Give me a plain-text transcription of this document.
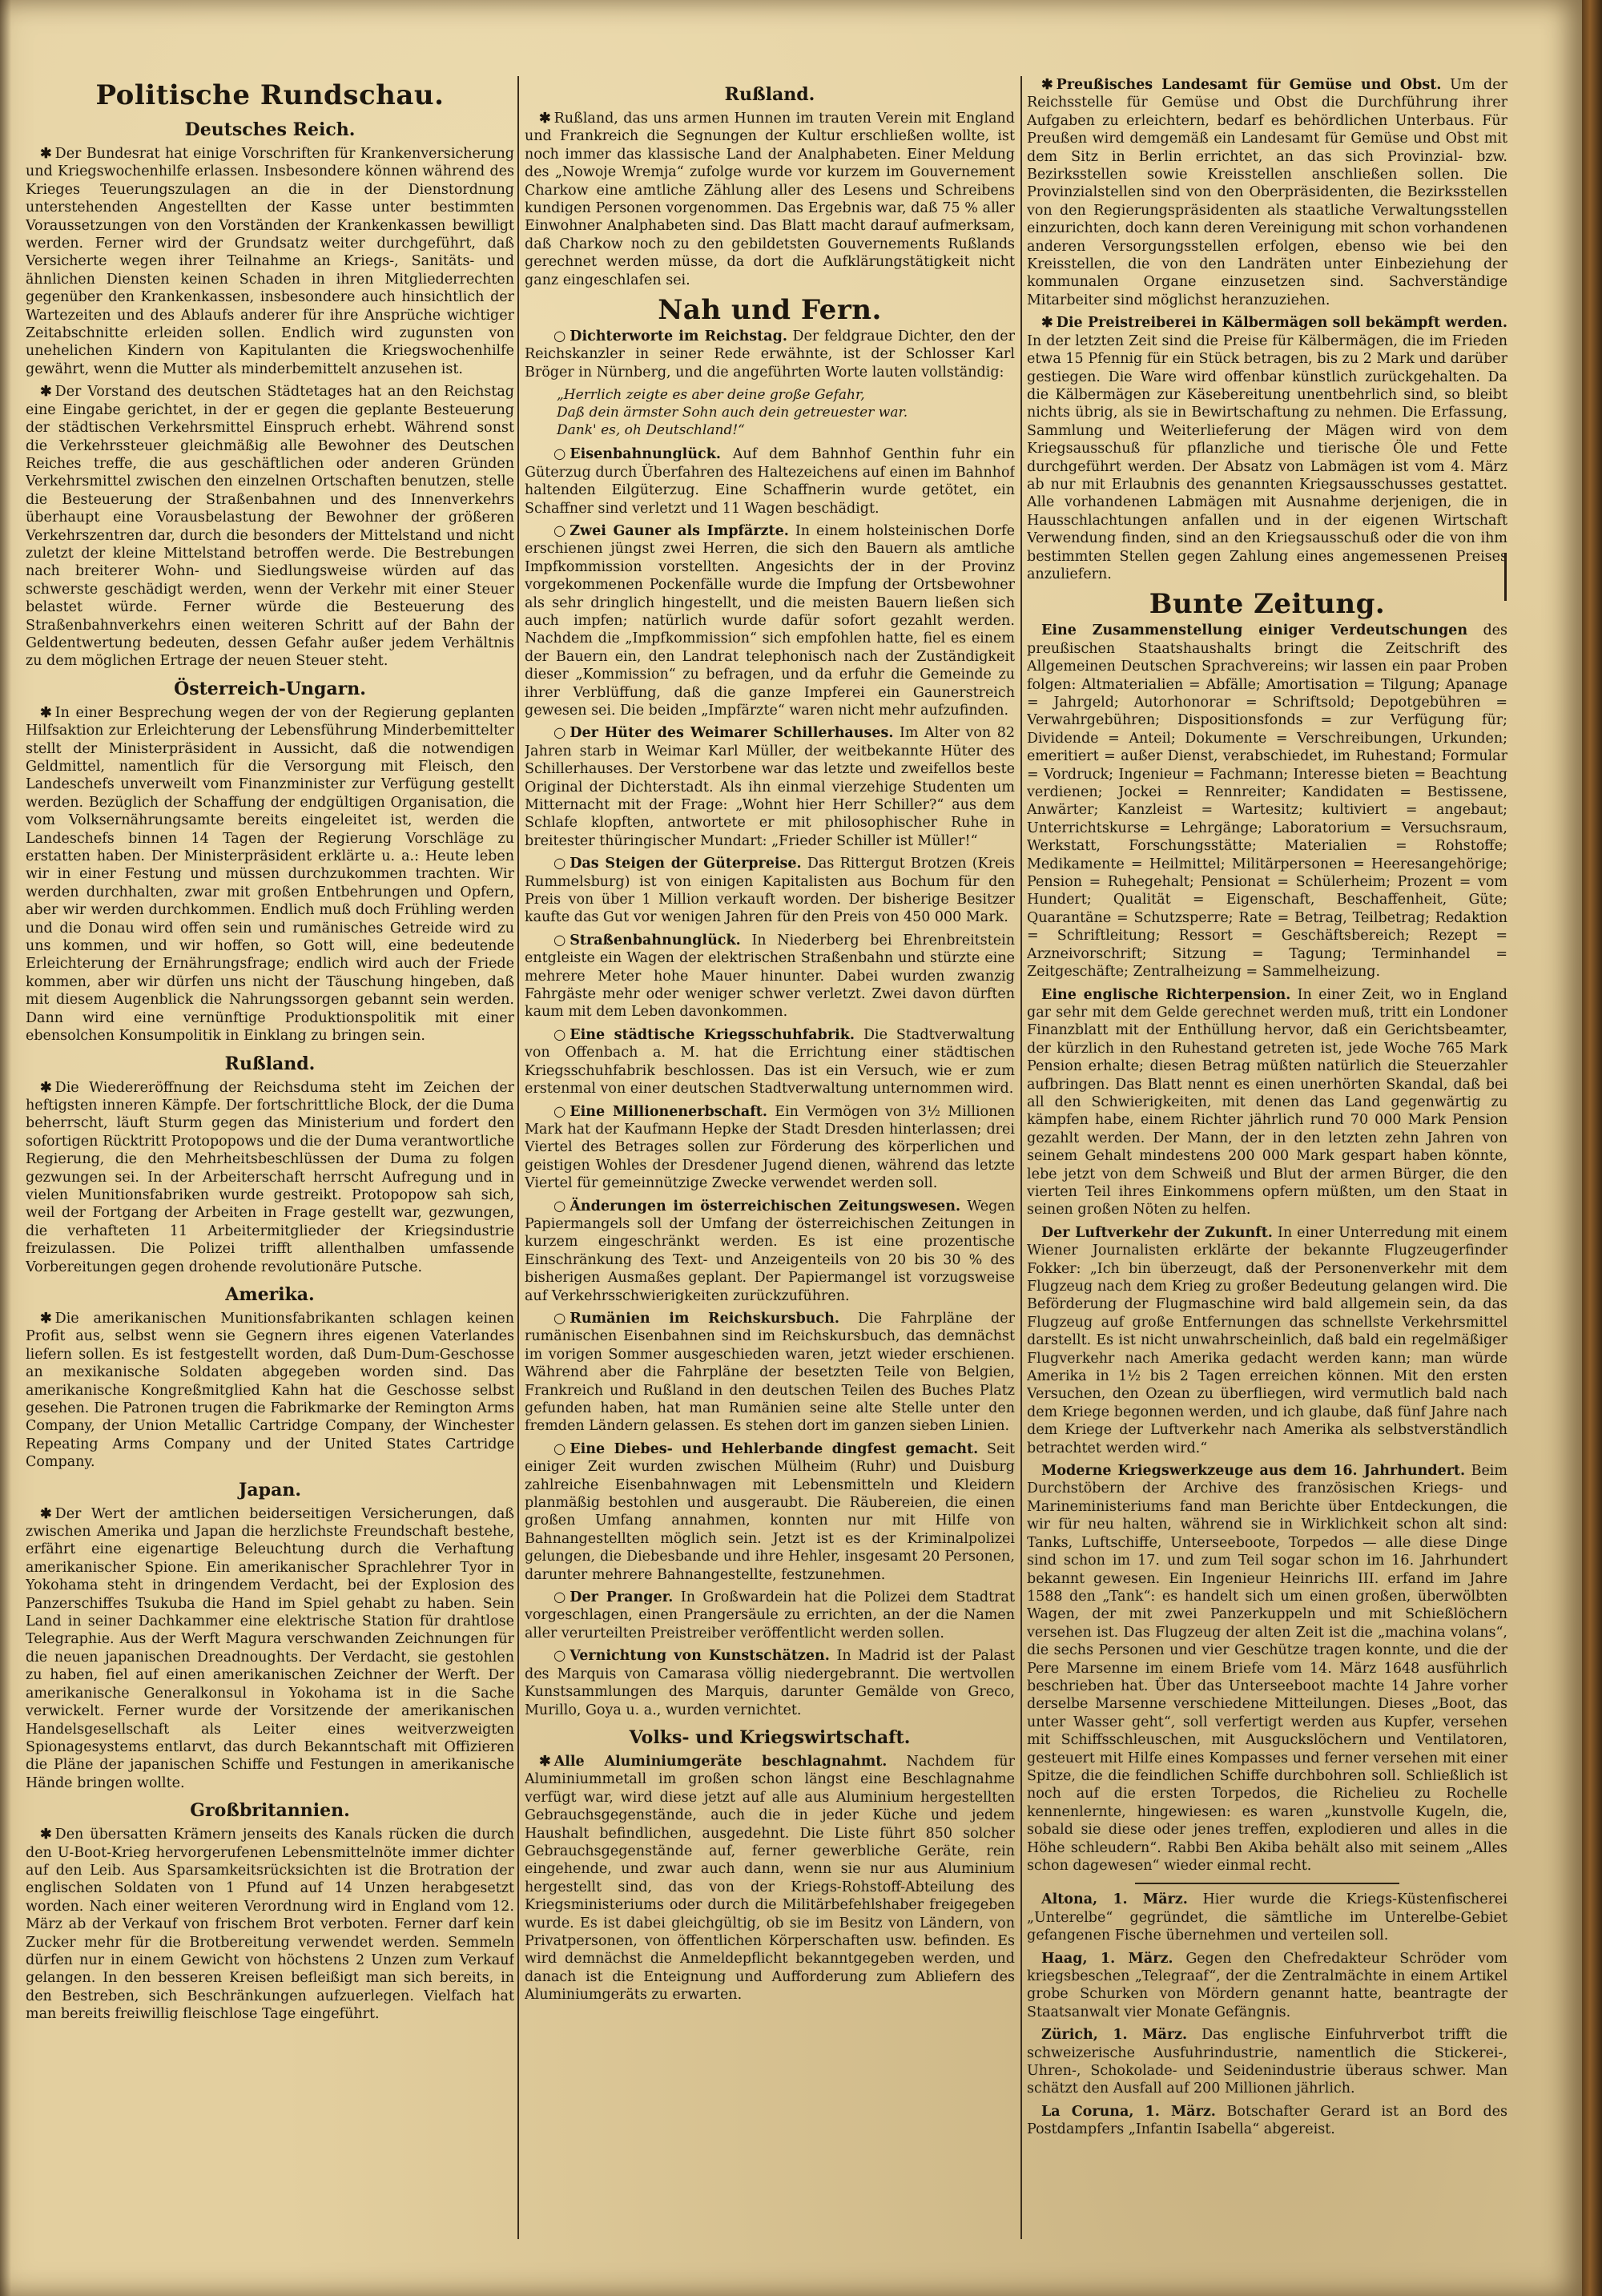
Politische Rundschau.
Deutsches Reich.

✱ Der Bundesrat hat einige Vorschriften für Krankenversicherung und Kriegswochenhilfe erlassen. Insbesondere können während des Krieges Teuerungszulagen an die in der Dienstordnung unterstehenden Angestellten der Kasse unter bestimmten Voraussetzungen von den Vorständen der Krankenkassen bewilligt werden. Ferner wird der Grundsatz weiter durchgeführt, daß Versicherte wegen ihrer Teilnahme an Kriegs-, Sanitäts- und ähnlichen Diensten keinen Schaden in ihren Mitgliederrechten gegenüber den Krankenkassen, insbesondere auch hinsichtlich der Wartezeiten und des Ablaufs anderer für ihre Ansprüche wichtiger Zeitabschnitte erleiden sollen. Endlich wird zugunsten von unehelichen Kindern von Kapitulanten die Kriegswochenhilfe gewährt, wenn die Mutter als minderbemittelt anzusehen ist.

✱ Der Vorstand des deutschen Städtetages hat an den Reichstag eine Eingabe gerichtet, in der er gegen die geplante Besteuerung der städtischen Verkehrsmittel Einspruch erhebt. Während sonst die Verkehrssteuer gleichmäßig alle Bewohner des Deutschen Reiches treffe, die aus geschäftlichen oder anderen Gründen Verkehrsmittel zwischen den einzelnen Ortschaften benutzen, stelle die Besteuerung der Straßenbahnen und des Innenverkehrs überhaupt eine Vorausbelastung der Bewohner der größeren Verkehrszentren dar, durch die besonders der Mittelstand und nicht zuletzt der kleine Mittelstand betroffen werde. Die Bestrebungen nach breiterer Wohn- und Siedlungsweise würden auf das schwerste geschädigt werden, wenn der Verkehr mit einer Steuer belastet würde. Ferner würde die Besteuerung des Straßenbahnverkehrs einen weiteren Schritt auf der Bahn der Geldentwertung bedeuten, dessen Gefahr außer jedem Verhältnis zu dem möglichen Ertrage der neuen Steuer steht.

Österreich-Ungarn.

✱ In einer Besprechung wegen der von der Regierung geplanten Hilfsaktion zur Erleichterung der Lebensführung Minderbemittelter stellt der Ministerpräsident in Aussicht, daß die notwendigen Geldmittel, namentlich für die Versorgung mit Fleisch, den Landeschefs unverweilt vom Finanzminister zur Verfügung gestellt werden. Bezüglich der Schaffung der endgültigen Organisation, die vom Volksernährungsamte bereits eingeleitet ist, werden die Landeschefs binnen 14 Tagen der Regierung Vorschläge zu erstatten haben. Der Ministerpräsident erklärte u. a.: Heute leben wir in einer Festung und müssen durchzukommen trachten. Wir werden durchhalten, zwar mit großen Entbehrungen und Opfern, aber wir werden durchkommen. Endlich muß doch Frühling werden und die Donau wird offen sein und rumänisches Getreide wird zu uns kommen, und wir hoffen, so Gott will, eine bedeutende Erleichterung der Ernährungsfrage; endlich wird auch der Friede kommen, aber wir dürfen uns nicht der Täuschung hingeben, daß mit diesem Augenblick die Nahrungssorgen gebannt sein werden. Dann wird eine vernünftige Produktionspolitik mit einer ebensolchen Konsumpolitik in Einklang zu bringen sein.

Rußland.

✱ Die Wiedereröffnung der Reichsduma steht im Zeichen der heftigsten inneren Kämpfe. Der fortschrittliche Block, der die Duma beherrscht, läuft Sturm gegen das Ministerium und fordert den sofortigen Rücktritt Protopopows und die der Duma verantwortliche Regierung, die den Mehrheitsbeschlüssen der Duma zu folgen gezwungen sei. In der Arbeiterschaft herrscht Aufregung und in vielen Munitionsfabriken wurde gestreikt. Protopopow sah sich, weil der Fortgang der Arbeiten in Frage gestellt war, gezwungen, die verhafteten 11 Arbeitermitglieder der Kriegsindustrie freizulassen. Die Polizei trifft allenthalben umfassende Vorbereitungen gegen drohende revolutionäre Putsche.

Amerika.

✱ Die amerikanischen Munitionsfabrikanten schlagen keinen Profit aus, selbst wenn sie Gegnern ihres eigenen Vaterlandes liefern sollen. Es ist festgestellt worden, daß Dum-Dum-Geschosse an mexikanische Soldaten abgegeben worden sind. Das amerikanische Kongreßmitglied Kahn hat die Geschosse selbst gesehen. Die Patronen trugen die Fabrikmarke der Remington Arms Company, der Union Metallic Cartridge Company, der Winchester Repeating Arms Company und der United States Cartridge Company.

Japan.

✱ Der Wert der amtlichen beiderseitigen Versicherungen, daß zwischen Amerika und Japan die herzlichste Freundschaft bestehe, erfährt eine eigenartige Beleuchtung durch die Verhaftung amerikanischer Spione. Ein amerikanischer Sprachlehrer Tyor in Yokohama steht in dringendem Verdacht, bei der Explosion des Panzerschiffes Tsukuba die Hand im Spiel gehabt zu haben. Sein Land in seiner Dachkammer eine elektrische Station für drahtlose Telegraphie. Aus der Werft Magura verschwanden Zeichnungen für die neuen japanischen Dreadnoughts. Der Verdacht, sie gestohlen zu haben, fiel auf einen amerikanischen Zeichner der Werft. Der amerikanische Generalkonsul in Yokohama ist in die Sache verwickelt. Ferner wurde der Vorsitzende der amerikanischen Handelsgesellschaft als Leiter eines weitverzweigten Spionagesystems entlarvt, das durch Bekanntschaft mit Offizieren die Pläne der japanischen Schiffe und Festungen in amerikanische Hände bringen wollte.

Großbritannien.

✱ Den übersatten Krämern jenseits des Kanals rücken die durch den U-Boot-Krieg hervorgerufenen Lebensmittelnöte immer dichter auf den Leib. Aus Sparsamkeitsrücksichten ist die Brotration der englischen Soldaten von 1 Pfund auf 14 Unzen herabgesetzt worden. Nach einer weiteren Verordnung wird in England vom 12. März ab der Verkauf von frischem Brot verboten. Ferner darf kein Zucker mehr für die Brotbereitung verwendet werden. Semmeln dürfen nur in einem Gewicht von höchstens 2 Unzen zum Verkauf gelangen. In den besseren Kreisen befleißigt man sich bereits, in den Bestreben, sich Beschränkungen aufzuerlegen. Vielfach hat man bereits freiwillig fleischlose Tage eingeführt.

Rußland.

✱ Rußland, das uns armen Hunnen im trauten Verein mit England und Frankreich die Segnungen der Kultur erschließen wollte, ist noch immer das klassische Land der Analphabeten. Einer Meldung des „Nowoje Wremja“ zufolge wurde vor kurzem im Gouvernement Charkow eine amtliche Zählung aller des Lesens und Schreibens kundigen Personen vorgenommen. Das Ergebnis war, daß 75 % aller Einwohner Analphabeten sind. Das Blatt macht darauf aufmerksam, daß Charkow noch zu den gebildetsten Gouvernements Rußlands gerechnet werden müsse, da dort die Aufklärungstätigkeit nicht ganz eingeschlafen sei.

Nah und Fern.

○ Dichterworte im Reichstag. Der feldgraue Dichter, den der Reichskanzler in seiner Rede erwähnte, ist der Schlosser Karl Bröger in Nürnberg, und die angeführten Worte lauten vollständig:

„Herrlich zeigte es aber deine große Gefahr,
Daß dein ärmster Sohn auch dein getreuester war.
Dank' es, oh Deutschland!“

○ Eisenbahnunglück. Auf dem Bahnhof Genthin fuhr ein Güterzug durch Überfahren des Haltezeichens auf einen im Bahnhof haltenden Eilgüterzug. Eine Schaffnerin wurde getötet, ein Schaffner sind verletzt und 11 Wagen beschädigt.

○ Zwei Gauner als Impfärzte. In einem holsteinischen Dorfe erschienen jüngst zwei Herren, die sich den Bauern als amtliche Impfkommission vorstellten. Angesichts der in der Provinz vorgekommenen Pockenfälle wurde die Impfung der Ortsbewohner als sehr dringlich hingestellt, und die meisten Bauern ließen sich auch impfen; natürlich wurde dafür sofort gezahlt werden. Nachdem die „Impfkommission“ sich empfohlen hatte, fiel es einem der Bauern ein, den Landrat telephonisch nach der Zuständigkeit dieser „Kommission“ zu befragen, und da erfuhr die Gemeinde zu ihrer Verblüffung, daß die ganze Impferei ein Gaunerstreich gewesen sei. Die beiden „Impfärzte“ waren nicht mehr aufzufinden.

○ Der Hüter des Weimarer Schillerhauses. Im Alter von 82 Jahren starb in Weimar Karl Müller, der weitbekannte Hüter des Schillerhauses. Der Verstorbene war das letzte und zweifellos beste Original der Dichterstadt. Als ihn einmal vierzehige Studenten um Mitternacht mit der Frage: „Wohnt hier Herr Schiller?“ aus dem Schlafe klopften, antwortete er mit philosophischer Ruhe in breitester thüringischer Mundart: „Frieder Schiller ist Müller!“

○ Das Steigen der Güterpreise. Das Rittergut Brotzen (Kreis Rummelsburg) ist von einigen Kapitalisten aus Bochum für den Preis von über 1 Million verkauft worden. Der bisherige Besitzer kaufte das Gut vor wenigen Jahren für den Preis von 450 000 Mark.

○ Straßenbahnunglück. In Niederberg bei Ehrenbreitstein entgleiste ein Wagen der elektrischen Straßenbahn und stürzte eine mehrere Meter hohe Mauer hinunter. Dabei wurden zwanzig Fahrgäste mehr oder weniger schwer verletzt. Zwei davon dürften kaum mit dem Leben davonkommen.

○ Eine städtische Kriegsschuhfabrik. Die Stadtverwaltung von Offenbach a. M. hat die Errichtung einer städtischen Kriegsschuhfabrik beschlossen. Das ist ein Versuch, wie er zum erstenmal von einer deutschen Stadtverwaltung unternommen wird.

○ Eine Millionenerbschaft. Ein Vermögen von 3½ Millionen Mark hat der Kaufmann Hepke der Stadt Dresden hinterlassen; drei Viertel des Betrages sollen zur Förderung des körperlichen und geistigen Wohles der Dresdener Jugend dienen, während das letzte Viertel für gemeinnützige Zwecke verwendet werden soll.

○ Änderungen im österreichischen Zeitungswesen. Wegen Papiermangels soll der Umfang der österreichischen Zeitungen in kurzem eingeschränkt werden. Es ist eine prozentische Einschränkung des Text- und Anzeigenteils von 20 bis 30 % des bisherigen Ausmaßes geplant. Der Papiermangel ist vorzugsweise auf Verkehrsschwierigkeiten zurückzuführen.

○ Rumänien im Reichskursbuch. Die Fahrpläne der rumänischen Eisenbahnen sind im Reichskursbuch, das demnächst im vorigen Sommer ausgeschieden waren, jetzt wieder erschienen. Während aber die Fahrpläne der besetzten Teile von Belgien, Frankreich und Rußland in den deutschen Teilen des Buches Platz gefunden haben, hat man Rumänien seine alte Stelle unter den fremden Ländern gelassen. Es stehen dort im ganzen sieben Linien.

○ Eine Diebes- und Hehlerbande dingfest gemacht. Seit einiger Zeit wurden zwischen Mülheim (Ruhr) und Duisburg zahlreiche Eisenbahnwagen mit Lebensmitteln und Kleidern planmäßig bestohlen und ausgeraubt. Die Räubereien, die einen großen Umfang annahmen, konnten nur mit Hilfe von Bahnangestellten möglich sein. Jetzt ist es der Kriminalpolizei gelungen, die Diebesbande und ihre Hehler, insgesamt 20 Personen, darunter mehrere Bahnangestellte, festzunehmen.

○ Der Pranger. In Großwardein hat die Polizei dem Stadtrat vorgeschlagen, einen Prangersäule zu errichten, an der die Namen aller verurteilten Preistreiber veröffentlicht werden sollen.

○ Vernichtung von Kunstschätzen. In Madrid ist der Palast des Marquis von Camarasa völlig niedergebrannt. Die wertvollen Kunstsammlungen des Marquis, darunter Gemälde von Greco, Murillo, Goya u. a., wurden vernichtet.

Volks- und Kriegswirtschaft.

✱ Alle Aluminiumgeräte beschlagnahmt. Nachdem für Aluminiummetall im großen schon längst eine Beschlagnahme verfügt war, wird diese jetzt auf alle aus Aluminium hergestellten Gebrauchsgegenstände, auch die in jeder Küche und jedem Haushalt befindlichen, ausgedehnt. Die Liste führt 850 solcher Gebrauchsgegenstände auf, ferner gewerbliche Geräte, rein eingehende, und zwar auch dann, wenn sie nur aus Aluminium hergestellt sind, das von der Kriegs-Rohstoff-Abteilung des Kriegsministeriums oder durch die Militärbefehlshaber freigegeben wurde. Es ist dabei gleichgültig, ob sie im Besitz von Ländern, von Privatpersonen, von öffentlichen Körperschaften usw. befinden. Es wird demnächst die Anmeldepflicht bekanntgegeben werden, und danach ist die Enteignung und Aufforderung zum Abliefern des Aluminiumgeräts zu erwarten.

✱ Preußisches Landesamt für Gemüse und Obst. Um der Reichsstelle für Gemüse und Obst die Durchführung ihrer Aufgaben zu erleichtern, bedarf es behördlichen Unterbaus. Für Preußen wird demgemäß ein Landesamt für Gemüse und Obst mit dem Sitz in Berlin errichtet, an das sich Provinzial- bzw. Bezirksstellen sowie Kreisstellen anschließen sollen. Die Provinzialstellen sind von den Oberpräsidenten, die Bezirksstellen von den Regierungspräsidenten als staatliche Verwaltungsstellen einzurichten, doch kann deren Vereinigung mit schon vorhandenen anderen Versorgungsstellen erfolgen, ebenso wie bei den Kreisstellen, die von den Landräten unter Einbeziehung der kommunalen Organe einzusetzen sind. Sachverständige Mitarbeiter sind möglichst heranzuziehen.

✱ Die Preistreiberei in Kälbermägen soll bekämpft werden. In der letzten Zeit sind die Preise für Kälbermägen, die im Frieden etwa 15 Pfennig für ein Stück betragen, bis zu 2 Mark und darüber gestiegen. Die Ware wird offenbar künstlich zurückgehalten. Da die Kälbermägen zur Käsebereitung unentbehrlich sind, so bleibt nichts übrig, als sie in Bewirtschaftung zu nehmen. Die Erfassung, Sammlung und Weiterlieferung der Mägen wird von dem Kriegsausschuß für pflanzliche und tierische Öle und Fette durchgeführt werden. Der Absatz von Labmägen ist vom 4. März ab nur mit Erlaubnis des genannten Kriegsausschusses gestattet. Alle vorhandenen Labmägen mit Ausnahme derjenigen, die in Hausschlachtungen anfallen und in der eigenen Wirtschaft Verwendung finden, sind an den Kriegsausschuß oder die von ihm bestimmten Stellen gegen Zahlung eines angemessenen Preises anzuliefern.

Bunte Zeitung.

Eine Zusammenstellung einiger Verdeutschungen des preußischen Staatshaushalts bringt die Zeitschrift des Allgemeinen Deutschen Sprachvereins; wir lassen ein paar Proben folgen: Altmaterialien = Abfälle; Amortisation = Tilgung; Apanage = Jahrgeld; Autorhonorar = Schriftsold; Depotgebühren = Verwahrgebühren; Dispositionsfonds = zur Verfügung für; Dividende = Anteil; Dokumente = Verschreibungen, Urkunden; emeritiert = außer Dienst, verabschiedet, im Ruhestand; Formular = Vordruck; Ingenieur = Fachmann; Interesse bieten = Beachtung verdienen; Jockei = Rennreiter; Kandidaten = Bestissene, Anwärter; Kanzleist = Wartesitz; kultiviert = angebaut; Unterrichtskurse = Lehrgänge; Laboratorium = Versuchsraum, Werkstatt, Forschungsstätte; Materialien = Rohstoffe; Medikamente = Heilmittel; Militärpersonen = Heeresangehörige; Pension = Ruhegehalt; Pensionat = Schülerheim; Prozent = vom Hundert; Qualität = Eigenschaft, Beschaffenheit, Güte; Quarantäne = Schutzsperre; Rate = Betrag, Teilbetrag; Redaktion = Schriftleitung; Ressort = Geschäftsbereich; Rezept = Arzneivorschrift; Sitzung = Tagung; Terminhandel = Zeitgeschäfte; Zentralheizung = Sammelheizung.

Eine englische Richterpension. In einer Zeit, wo in England gar sehr mit dem Gelde gerechnet werden muß, tritt ein Londoner Finanzblatt mit der Enthüllung hervor, daß ein Gerichtsbeamter, der kürzlich in den Ruhestand getreten ist, jede Woche 765 Mark Pension erhalte; diesen Betrag müßten natürlich die Steuerzahler aufbringen. Das Blatt nennt es einen unerhörten Skandal, daß bei all den Schwierigkeiten, mit denen das Land gegenwärtig zu kämpfen habe, einem Richter jährlich rund 70 000 Mark Pension gezahlt werden. Der Mann, der in den letzten zehn Jahren von seinem Gehalt mindestens 200 000 Mark gespart haben könnte, lebe jetzt von dem Schweiß und Blut der armen Bürger, die den vierten Teil ihres Einkommens opfern müßten, um den Staat in seinen großen Nöten zu helfen.

Der Luftverkehr der Zukunft. In einer Unterredung mit einem Wiener Journalisten erklärte der bekannte Flugzeugerfinder Fokker: „Ich bin überzeugt, daß der Personenverkehr mit dem Flugzeug nach dem Krieg zu großer Bedeutung gelangen wird. Die Beförderung der Flugmaschine wird bald allgemein sein, da das Flugzeug auf große Entfernungen das schnellste Verkehrsmittel darstellt. Es ist nicht unwahrscheinlich, daß bald ein regelmäßiger Flugverkehr nach Amerika gedacht werden kann; man würde Amerika in 1½ bis 2 Tagen erreichen können. Mit den ersten Versuchen, den Ozean zu überfliegen, wird vermutlich bald nach dem Kriege begonnen werden, und ich glaube, daß fünf Jahre nach dem Kriege der Luftverkehr nach Amerika als selbstverständlich betrachtet werden wird.“

Moderne Kriegswerkzeuge aus dem 16. Jahrhundert. Beim Durchstöbern der Archive des französischen Kriegs- und Marineministeriums fand man Berichte über Entdeckungen, die wir für neu halten, während sie in Wirklichkeit schon alt sind: Tanks, Luftschiffe, Unterseeboote, Torpedos — alle diese Dinge sind schon im 17. und zum Teil sogar schon im 16. Jahrhundert bekannt gewesen. Ein Ingenieur Heinrichs III. erfand im Jahre 1588 den „Tank“: es handelt sich um einen großen, überwölbten Wagen, der mit zwei Panzerkuppeln und mit Schießlöchern versehen ist. Das Flugzeug der alten Zeit ist die „machina volans“, die sechs Personen und vier Geschütze tragen konnte, und die der Pere Marsenne im einem Briefe vom 14. März 1648 ausführlich beschrieben hat. Über das Unterseeboot machte 14 Jahre vorher derselbe Marsenne verschiedene Mitteilungen. Dieses „Boot, das unter Wasser geht“, soll verfertigt werden aus Kupfer, versehen mit Schiffsschleuschen, mit Ausguckslöchern und Ventilatoren, gesteuert mit Hilfe eines Kompasses und ferner versehen mit einer Spitze, die die feindlichen Schiffe durchbohren soll. Schließlich ist noch auf die ersten Torpedos, die Richelieu zu Rochelle kennenlernte, hingewiesen: es waren „kunstvolle Kugeln, die, sobald sie diese oder jenes treffen, explodieren und alles in die Höhe schleudern“. Rabbi Ben Akiba behält also mit seinem „Alles schon dagewesen“ wieder einmal recht.

Altona, 1. März. Hier wurde die Kriegs-Küstenfischerei „Unterelbe“ gegründet, die sämtliche im Unterelbe-Gebiet gefangenen Fische übernehmen und verteilen soll.

Haag, 1. März. Gegen den Chefredakteur Schröder vom kriegsbeschen „Telegraaf“, der die Zentralmächte in einem Artikel grobe Schurken von Mördern genannt hatte, beantragte der Staatsanwalt vier Monate Gefängnis.

Zürich, 1. März. Das englische Einfuhrverbot trifft die schweizerische Ausfuhrindustrie, namentlich die Stickerei-, Uhren-, Schokolade- und Seidenindustrie überaus schwer. Man schätzt den Ausfall auf 200 Millionen jährlich.

La Coruna, 1. März. Botschafter Gerard ist an Bord des Postdampfers „Infantin Isabella“ abgereist.
